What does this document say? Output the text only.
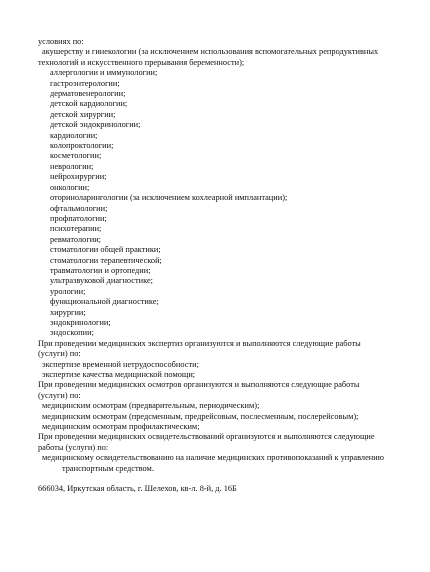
условиях по:
акушерству и гинекологии (за исключением использования вспомогательных репродуктивных
технологий и искусственного прерывания беременности);
аллергологии и иммунологии;
гастроэнтерологии;
дерматовенерологии;
детской кардиологии;
детской хирургии;
детской эндокринологии;
кардиологии;
колопроктологии;
косметологии;
неврологии;
нейрохирургии;
онкологии;
оториноларингологии (за исключением кохлеарной имплантации);
офтальмологии;
профпатологии;
психотерапии;
ревматологии;
стоматологии общей практики;
стоматологии терапевтической;
травматологии и ортопедии;
ультразвуковой диагностике;
урологии;
функциональной диагностике;
хирургии;
эндокринологии;
эндоскопии;
При проведении медицинских экспертиз организуются и выполняются следующие работы
(услуги) по:
экспертизе временной нетрудоспособности;
экспертизе качества медицинской помощи;
При проведении медицинских осмотров организуются и выполняются следующие работы
(услуги) по:
медицинским осмотрам (предварительным, периодическим);
медицинским осмотрам (предсменным, предрейсовым, послесменным, послерейсовым);
медицинским осмотрам профилактическим;
При проведении медицинских освидетельствований организуются и выполняются следующие
работы (услуги) по:
медицинскому освидетельствованию на наличие медицинских противопоказаний к управлению
транспортным средством.
666034, Иркутская область, г. Шелехов, кв-л. 8-й, д. 16Б
